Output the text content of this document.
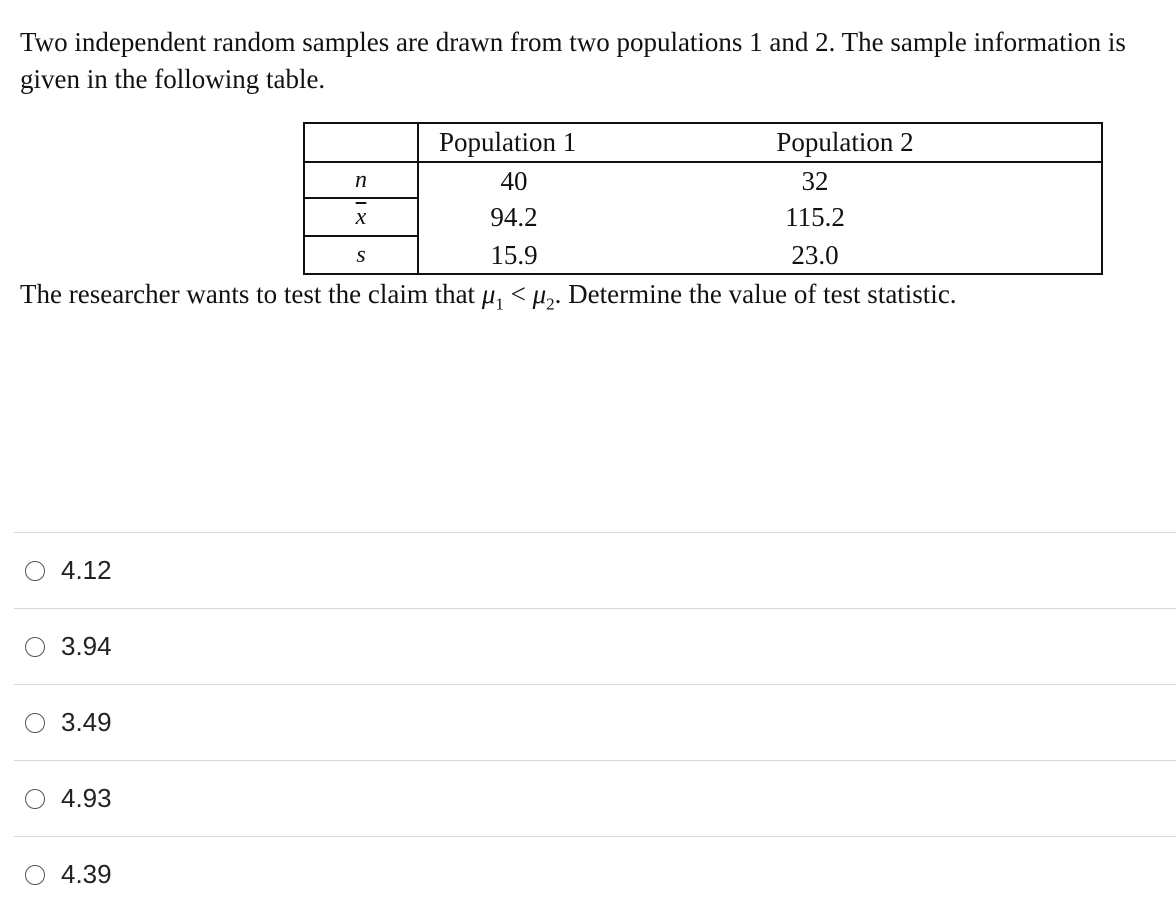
Two independent random samples are drawn from two populations 1 and 2. The sample information is given in the following table.

	Population 1	Population 2
n	40	32
$\overline{x}$	94.2	115.2
s	15.9	23.0

The researcher wants to test the claim that $\mu_1 < \mu_2$. Determine the value of test statistic.

4.12
3.94
3.49
4.93
4.39
